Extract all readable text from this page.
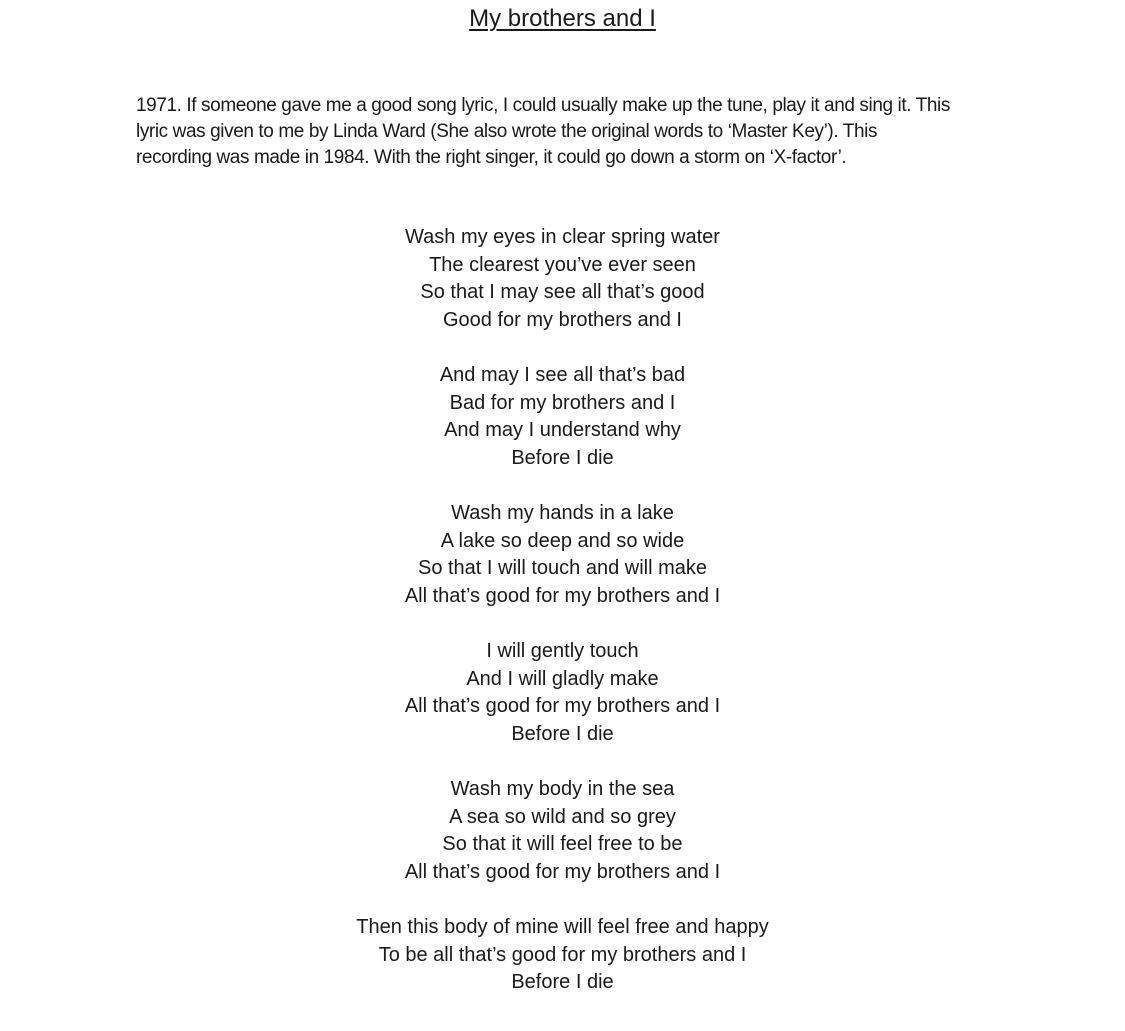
My brothers and I
1971. If someone gave me a good song lyric, I could usually make up the tune, play it and sing it. This
lyric was given to me by Linda Ward (She also wrote the original words to ‘Master Key’). This
recording was made in 1984. With the right singer, it could go down a storm on ‘X-factor’.

Wash my eyes in clear spring water

The clearest you’ve ever seen

So that I may see all that’s good

Good for my brothers and I

And may I see all that’s bad

Bad for my brothers and I

And may I understand why

Before I die

Wash my hands in a lake

A lake so deep and so wide

So that I will touch and will make

All that’s good for my brothers and I

I will gently touch

And I will gladly make

All that’s good for my brothers and I

Before I die

Wash my body in the sea

A sea so wild and so grey

So that it will feel free to be

All that’s good for my brothers and I

Then this body of mine will feel free and happy

To be all that’s good for my brothers and I

Before I die
